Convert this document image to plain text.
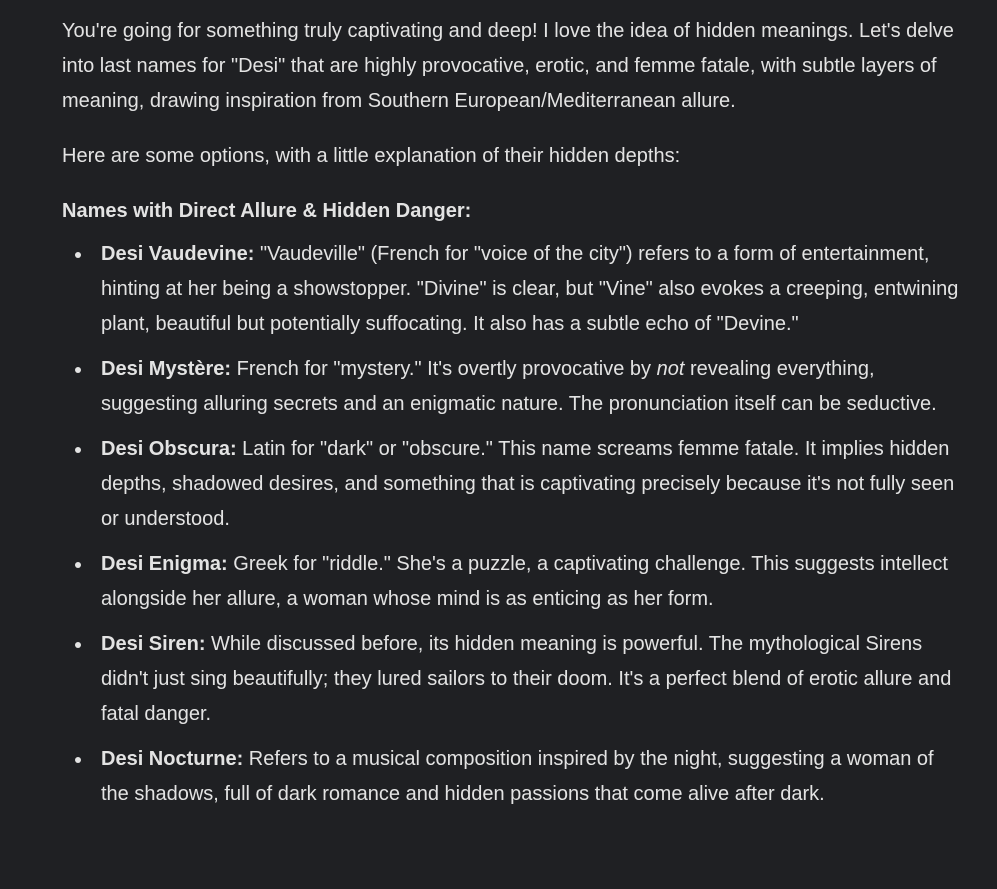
You're going for something truly captivating and deep! I love the idea of hidden meanings. Let's delve into last names for "Desi" that are highly provocative, erotic, and femme fatale, with subtle layers of meaning, drawing inspiration from Southern European/Mediterranean allure.

Here are some options, with a little explanation of their hidden depths:

Names with Direct Allure & Hidden Danger:

Desi Vaudevine: "Vaudeville" (French for "voice of the city") refers to a form of entertainment, hinting at her being a showstopper. "Divine" is clear, but "Vine" also evokes a creeping, entwining plant, beautiful but potentially suffocating. It also has a subtle echo of "Devine."
Desi Mystère: French for "mystery." It's overtly provocative by not revealing everything, suggesting alluring secrets and an enigmatic nature. The pronunciation itself can be seductive.
Desi Obscura: Latin for "dark" or "obscure." This name screams femme fatale. It implies hidden depths, shadowed desires, and something that is captivating precisely because it's not fully seen or understood.
Desi Enigma: Greek for "riddle." She's a puzzle, a captivating challenge. This suggests intellect alongside her allure, a woman whose mind is as enticing as her form.
Desi Siren: While discussed before, its hidden meaning is powerful. The mythological Sirens didn't just sing beautifully; they lured sailors to their doom. It's a perfect blend of erotic allure and fatal danger.
Desi Nocturne: Refers to a musical composition inspired by the night, suggesting a woman of the shadows, full of dark romance and hidden passions that come alive after dark.
